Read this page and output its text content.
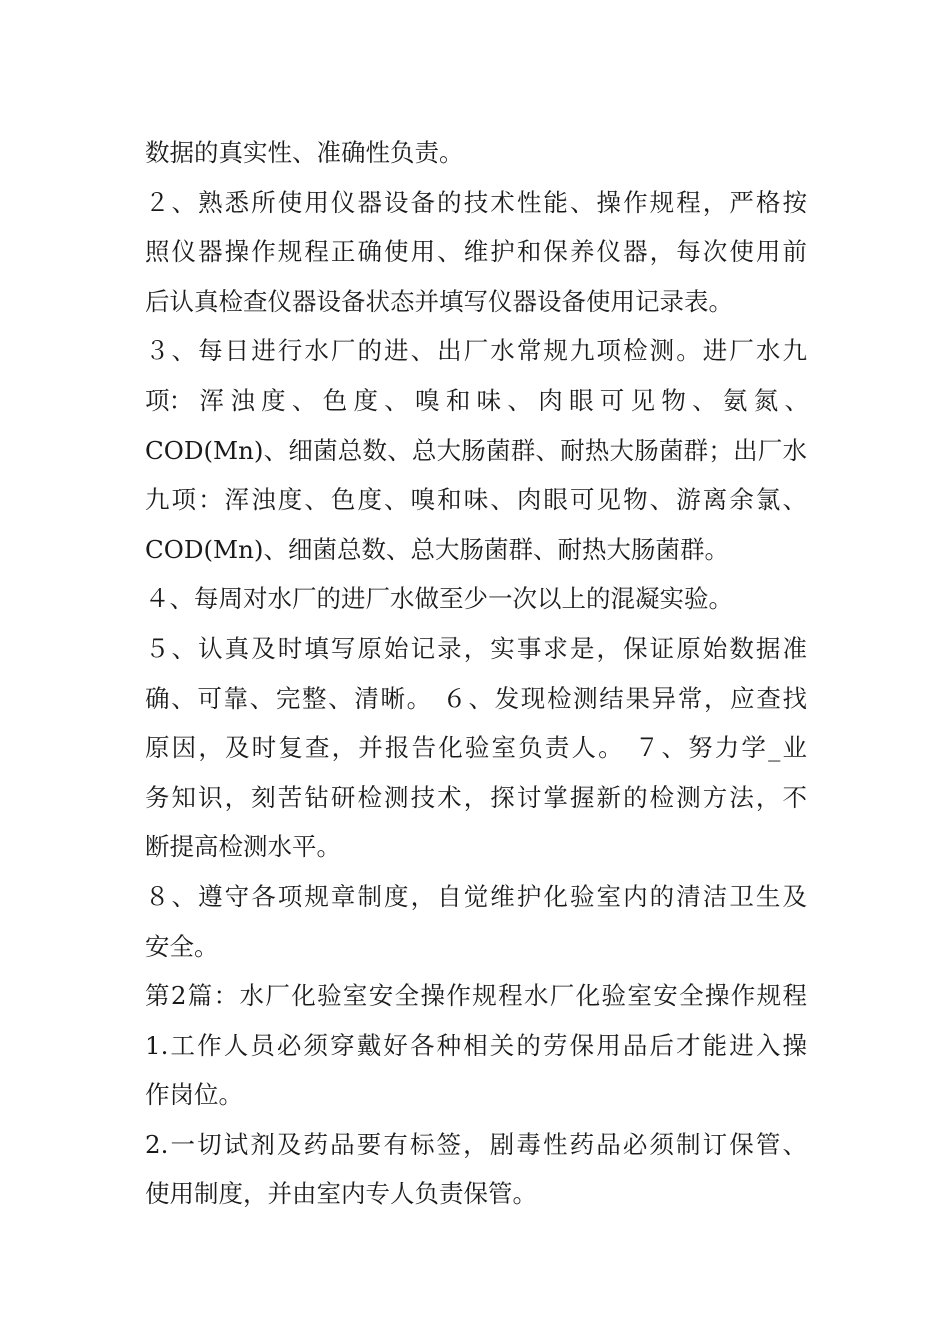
数据的真实性、准确性负责。
２、熟悉所使用仪器设备的技术性能、操作规程，严格按
照仪器操作规程正确使用、维护和保养仪器，每次使用前
后认真检查仪器设备状态并填写仪器设备使用记录表。
３、每日进行水厂的进、出厂水常规九项检测。进厂水九
项： 浑 浊 度 、 色 度 、 嗅 和 味 、 肉 眼 可 见 物 、 氨 氮 、
COD(Mn)、细菌总数、总大肠菌群、耐热大肠菌群；出厂水
九项：浑浊度、色度、嗅和味、肉眼可见物、游离余氯、
COD(Mn)、细菌总数、总大肠菌群、耐热大肠菌群。
４、每周对水厂的进厂水做至少一次以上的混凝实验。
５、认真及时填写原始记录，实事求是，保证原始数据准
确、可靠、完整、清晰。 ６、发现检测结果异常，应查找
原因，及时复查，并报告化验室负责人。 ７、努力学_业
务知识，刻苦钻研检测技术，探讨掌握新的检测方法，不
断提高检测水平。
８、遵守各项规章制度，自觉维护化验室内的清洁卫生及
安全。
第2篇：水厂化验室安全操作规程水厂化验室安全操作规程
1.工作人员必须穿戴好各种相关的劳保用品后才能进入操
作岗位。
2.一切试剂及药品要有标签，剧毒性药品必须制订保管、
使用制度，并由室内专人负责保管。
